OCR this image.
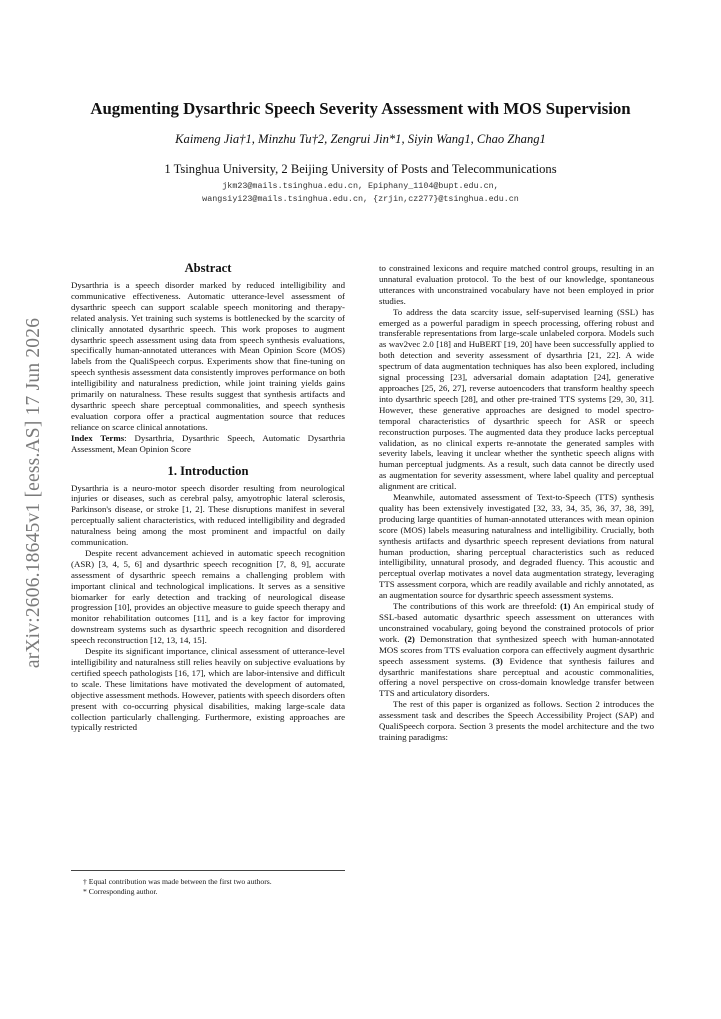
arXiv:2606.18645v1 [eess.AS] 17 Jun 2026
Augmenting Dysarthric Speech Severity Assessment with MOS Supervision
Kaimeng Jia†1, Minzhu Tu†2, Zengrui Jin*1, Siyin Wang1, Chao Zhang1
1 Tsinghua University, 2 Beijing University of Posts and Telecommunications
jkm23@mails.tsinghua.edu.cn, Epiphany_1104@bupt.edu.cn,
wangsiyi23@mails.tsinghua.edu.cn, {zrjin,cz277}@tsinghua.edu.cn
Abstract

Dysarthria is a speech disorder marked by reduced intelligibility and communicative effectiveness. Automatic utterance-level assessment of dysarthric speech can support scalable speech monitoring and therapy-related analysis. Yet training such systems is bottlenecked by the scarcity of clinically annotated dysarthric speech. This work proposes to augment dysarthric speech assessment using data from speech synthesis evaluations, specifically human-annotated utterances with Mean Opinion Score (MOS) labels from the QualiSpeech corpus. Experiments show that fine-tuning on speech synthesis assessment data consistently improves performance on both intelligibility and naturalness prediction, while joint training yields gains primarily on naturalness. These results suggest that synthesis artifacts and dysarthric speech share perceptual commonalities, and speech synthesis evaluation corpora offer a practical augmentation source that reduces reliance on scarce clinical annotations.

Index Terms: Dysarthria, Dysarthric Speech, Automatic Dysarthria Assessment, Mean Opinion Score

1. Introduction

Dysarthria is a neuro-motor speech disorder resulting from neurological injuries or diseases, such as cerebral palsy, amyotrophic lateral sclerosis, Parkinson's disease, or stroke [1, 2]. These disruptions manifest in several perceptually salient characteristics, with reduced intelligibility and degraded naturalness being among the most prominent and impactful on daily communication.

Despite recent advancement achieved in automatic speech recognition (ASR) [3, 4, 5, 6] and dysarthric speech recognition [7, 8, 9], accurate assessment of dysarthric speech remains a challenging problem with important clinical and technological implications. It serves as a sensitive biomarker for early detection and tracking of neurological disease progression [10], provides an objective measure to guide speech therapy and monitor rehabilitation outcomes [11], and is a key factor for improving downstream systems such as dysarthric speech recognition and disordered speech reconstruction [12, 13, 14, 15].

Despite its significant importance, clinical assessment of utterance-level intelligibility and naturalness still relies heavily on subjective evaluations by certified speech pathologists [16, 17], which are labor-intensive and difficult to scale. These limitations have motivated the development of automated, objective assessment methods. However, patients with speech disorders often present with co-occurring physical disabilities, making large-scale data collection particularly challenging. Furthermore, existing approaches are typically restricted

† Equal contribution was made between the first two authors.
* Corresponding author.

to constrained lexicons and require matched control groups, resulting in an unnatural evaluation protocol. To the best of our knowledge, spontaneous utterances with unconstrained vocabulary have not been employed in prior studies.

To address the data scarcity issue, self-supervised learning (SSL) has emerged as a powerful paradigm in speech processing, offering robust and transferable representations from large-scale unlabeled corpora. Models such as wav2vec 2.0 [18] and HuBERT [19, 20] have been successfully applied to both detection and severity assessment of dysarthria [21, 22]. A wide spectrum of data augmentation techniques has also been explored, including signal processing [23], adversarial domain adaptation [24], generative approaches [25, 26, 27], reverse autoencoders that transform healthy speech into dysarthric speech [28], and other pre-trained TTS systems [29, 30, 31]. However, these generative approaches are designed to model spectro-temporal characteristics of dysarthric speech for ASR or speech reconstruction purposes. The augmented data they produce lacks perceptual validation, as no clinical experts re-annotate the generated samples with severity labels, leaving it unclear whether the synthetic speech aligns with human perceptual judgments. As a result, such data cannot be directly used as augmentation for severity assessment, where label quality and perceptual alignment are critical.

Meanwhile, automated assessment of Text-to-Speech (TTS) synthesis quality has been extensively investigated [32, 33, 34, 35, 36, 37, 38, 39], producing large quantities of human-annotated utterances with mean opinion score (MOS) labels measuring naturalness and intelligibility. Crucially, both synthesis artifacts and dysarthric speech represent deviations from natural human production, sharing perceptual characteristics such as reduced intelligibility, unnatural prosody, and degraded fluency. This acoustic and perceptual overlap motivates a novel data augmentation strategy, leveraging TTS assessment corpora, which are readily available and richly annotated, as an augmentation source for dysarthric speech assessment systems.

The contributions of this work are threefold: (1) An empirical study of SSL-based automatic dysarthric speech assessment on utterances with unconstrained vocabulary, going beyond the constrained protocols of prior work. (2) Demonstration that synthesized speech with human-annotated MOS scores from TTS evaluation corpora can effectively augment dysarthric speech assessment systems. (3) Evidence that synthesis failures and dysarthric manifestations share perceptual and acoustic commonalities, offering a novel perspective on cross-domain knowledge transfer between TTS and articulatory disorders.

The rest of this paper is organized as follows. Section 2 introduces the assessment task and describes the Speech Accessibility Project (SAP) and QualiSpeech corpora. Section 3 presents the model architecture and the two training paradigms:
